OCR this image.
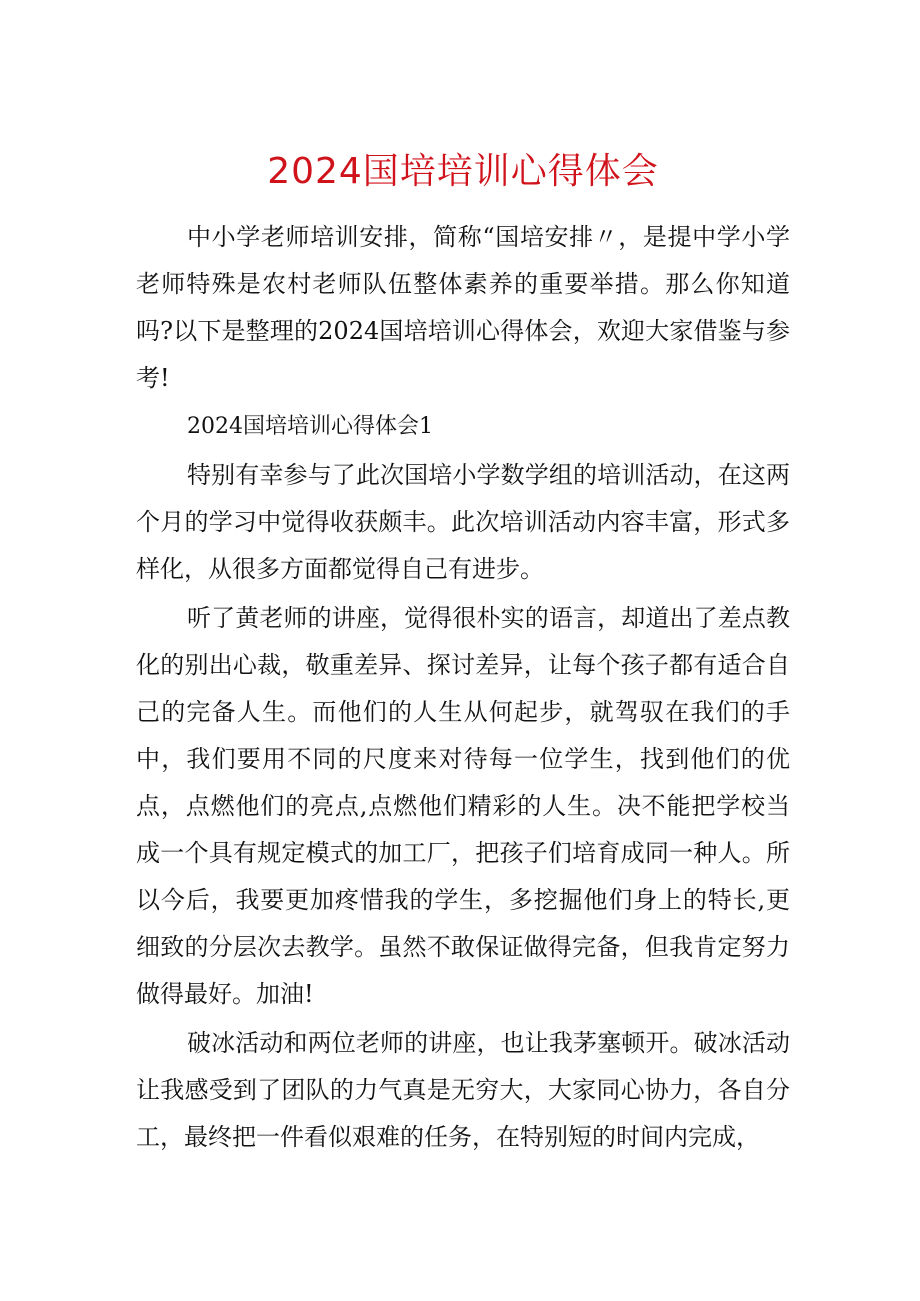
2024国培培训心得体会

中小学老师培训安排，简称“国培安排〃，是提中学小学老师特殊是农村老师队伍整体素养的重要举措。那么你知道吗?以下是整理的2024国培培训心得体会，欢迎大家借鉴与参考!

2024国培培训心得体会1

特别有幸参与了此次国培小学数学组的培训活动，在这两个月的学习中觉得收获颇丰。此次培训活动内容丰富，形式多样化，从很多方面都觉得自己有进步。

听了黄老师的讲座，觉得很朴实的语言，却道出了差点教化的别出心裁，敬重差异、探讨差异，让每个孩子都有适合自己的完备人生。而他们的人生从何起步，就驾驭在我们的手中，我们要用不同的尺度来对待每一位学生，找到他们的优点，点燃他们的亮点,点燃他们精彩的人生。决不能把学校当成一个具有规定模式的加工厂，把孩子们培育成同一种人。所以今后，我要更加疼惜我的学生，多挖掘他们身上的特长,更细致的分层次去教学。虽然不敢保证做得完备，但我肯定努力做得最好。加油!

破冰活动和两位老师的讲座，也让我茅塞顿开。破冰活动让我感受到了团队的力气真是无穷大，大家同心协力，各自分工，最终把一件看似艰难的任务，在特别短的时间内完成，
